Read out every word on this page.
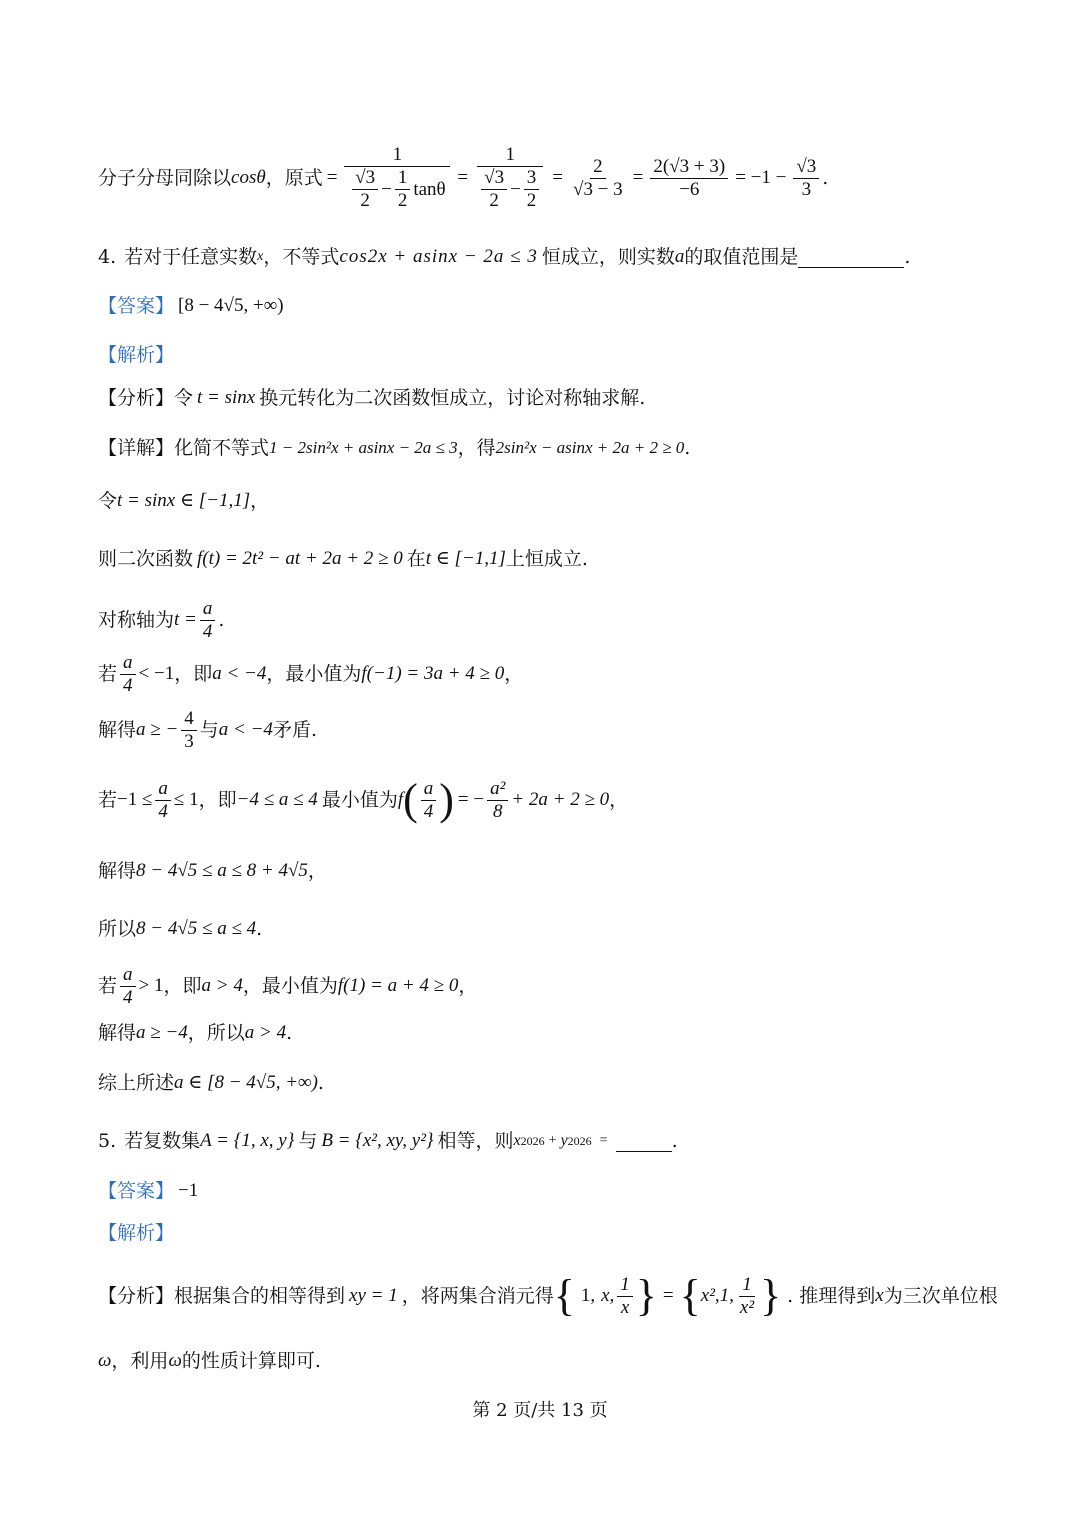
分子分母同除以 cosθ ，原式 = $\frac{1}{\frac{√3}{2} - \frac{1}{2} \tan\theta} = \frac{1}{\frac{√3}{2} - \frac{3}{2}} = \frac{2}{√3 - 3} = \frac{2(√3 + 3)}{-6} = -1 - \frac{√3}{3}$ .
4. 若对于任意实数 x ，不等式 cos2x + asinx − 2a ≤ 3 恒成立，则实数 a 的取值范围是	.
【答案】 [8 − 4√5, +∞)
【解析】
【分析】 令 t = sinx 换元转化为二次函数恒成立，讨论对称轴求解.
【详解】 化简不等式 1 − 2sin²x + asinx − 2a ≤ 3 ，得 2sin²x − asinx + 2a + 2 ≥ 0 .
令 t = sinx ∈ [−1,1] ，
则二次函数 f(t) = 2t² − at + 2a + 2 ≥ 0 在 t ∈ [−1,1] 上恒成立.
对称轴为 $t = \frac{a}{4}$ .
若 $\frac{a}{4} < -1$ ，即 a < −4 ，最小值为 f(−1) = 3a + 4 ≥ 0 ，
解得 a ≥ − $\frac{4}{3}$ 与 a < −4 矛盾.
若 $-1 \le \frac{a}{4} \le 1$ ，即 −4 ≤ a ≤ 4 最小值为 f ( $\frac{a}{4}$ ) = − $\frac{\text{a²}}{8} + 2a + 2 \ge 0$ ，
解得 8 − 4√5 ≤ a ≤ 8 + 4√5 ，
所以 8 − 4√5 ≤ a ≤ 4 .
若 $\frac{a}{4} > 1$ ，即 a > 4 ，最小值为 f(1) = a + 4 ≥ 0 ，
解得 a ≥ −4 ，所以 a > 4 .
综上所述 a ∈ [8 − 4√5, +∞) .
5. 若复数集 A = {1, x, y} 与 B = {x², xy, y²} 相等，则 x 2026 + y 2026 =	.
【答案】 −1
【解析】
【分析】 根据集合的相等得到 xy = 1 ，将两集合消元得 { 1, x, $\frac{1}{x}$ } = { x²,1, $\frac{1}{\text{x²}}$ } . 推理得到 x 为三次单位根
ω ，利用 ω 的性质计算即可.
第 2 页/共 13 页
